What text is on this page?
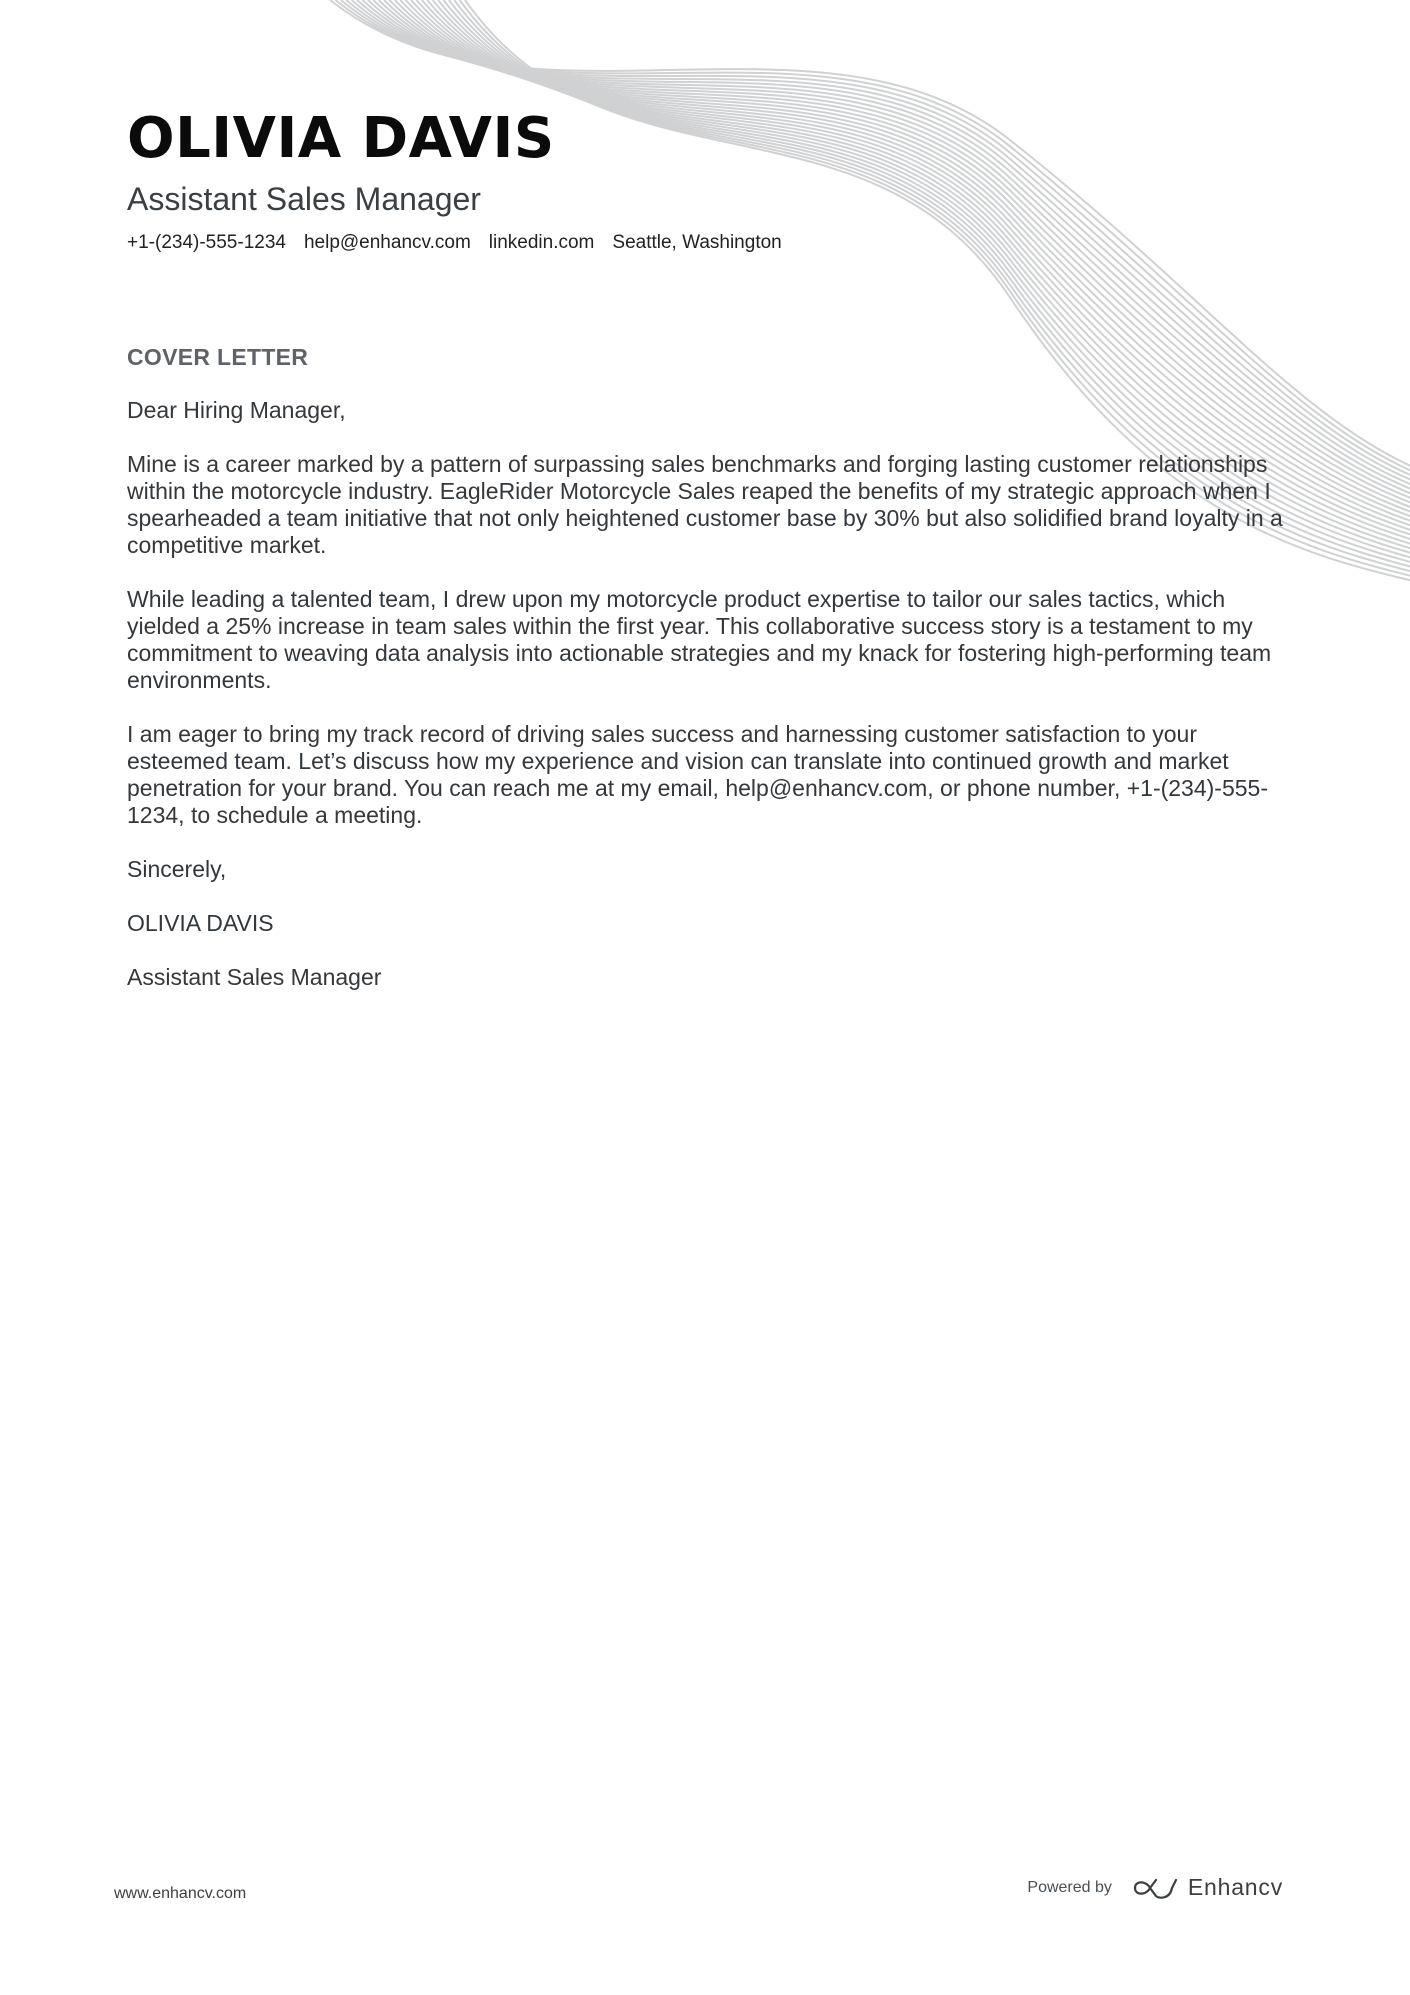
OLIVIA DAVIS
Assistant Sales Manager
+1-(234)-555-1234 help@enhancv.com linkedin.com Seattle, Washington
COVER LETTER

Dear Hiring Manager,

Mine is a career marked by a pattern of surpassing sales benchmarks and forging lasting customer relationships within the motorcycle industry. EagleRider Motorcycle Sales reaped the benefits of my strategic approach when I spearheaded a team initiative that not only heightened customer base by 30% but also solidified brand loyalty in a competitive market.

While leading a talented team, I drew upon my motorcycle product expertise to tailor our sales tactics, which yielded a 25% increase in team sales within the first year. This collaborative success story is a testament to my commitment to weaving data analysis into actionable strategies and my knack for fostering high-performing team environments.

I am eager to bring my track record of driving sales success and harnessing customer satisfaction to your esteemed team. Let’s discuss how my experience and vision can translate into continued growth and market penetration for your brand. You can reach me at my email, help@enhancv.com, or phone number, +1-(234)-555-1234, to schedule a meeting.

Sincerely,

OLIVIA DAVIS

Assistant Sales Manager

www.enhancv.com	Powered by	Enhancv
